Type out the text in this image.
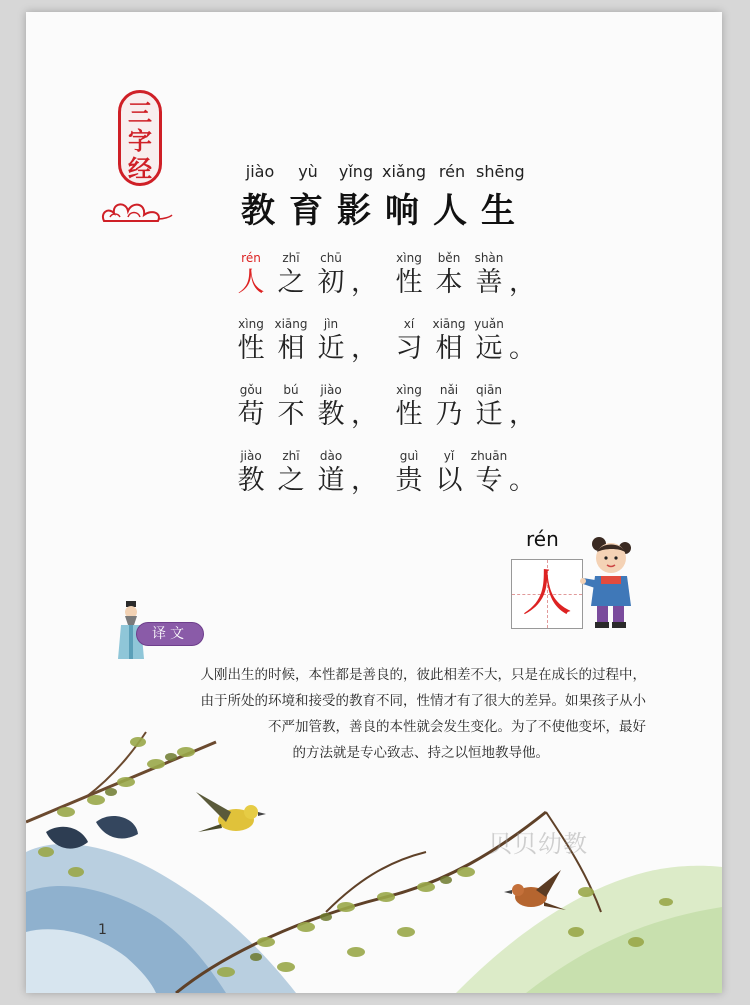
三字经	jiào	yù	yǐng xiǎng rén shēng
教 育 影 响 人 生
rén	zhī	chū	xìng	běn	shàn
人 之 初 ， 性 本 善 ，
xìng xiāng	jìn	xí	xiāng yuǎn
性 相 近 ， 习 相 远 。
gǒu	bú	jiào	xìng	nǎi	qiān
苟 不 教 ， 性 乃 迁 ，
jiào	zhī	dào	guì	yǐ	zhuān
教 之 道 ， 贵 以 专 。
rén
人
译文
人刚出生的时候，本性都是善良的，彼此相差不大，只是在成长的过程中，
由于所处的环境和接受的教育不同，性情才有了很大的差异。如果孩子从小
不严加管教，善良的本性就会发生变化。为了不使他变坏，最好
的方法就是专心致志、持之以恒地教导他。
贝贝幼教
1
